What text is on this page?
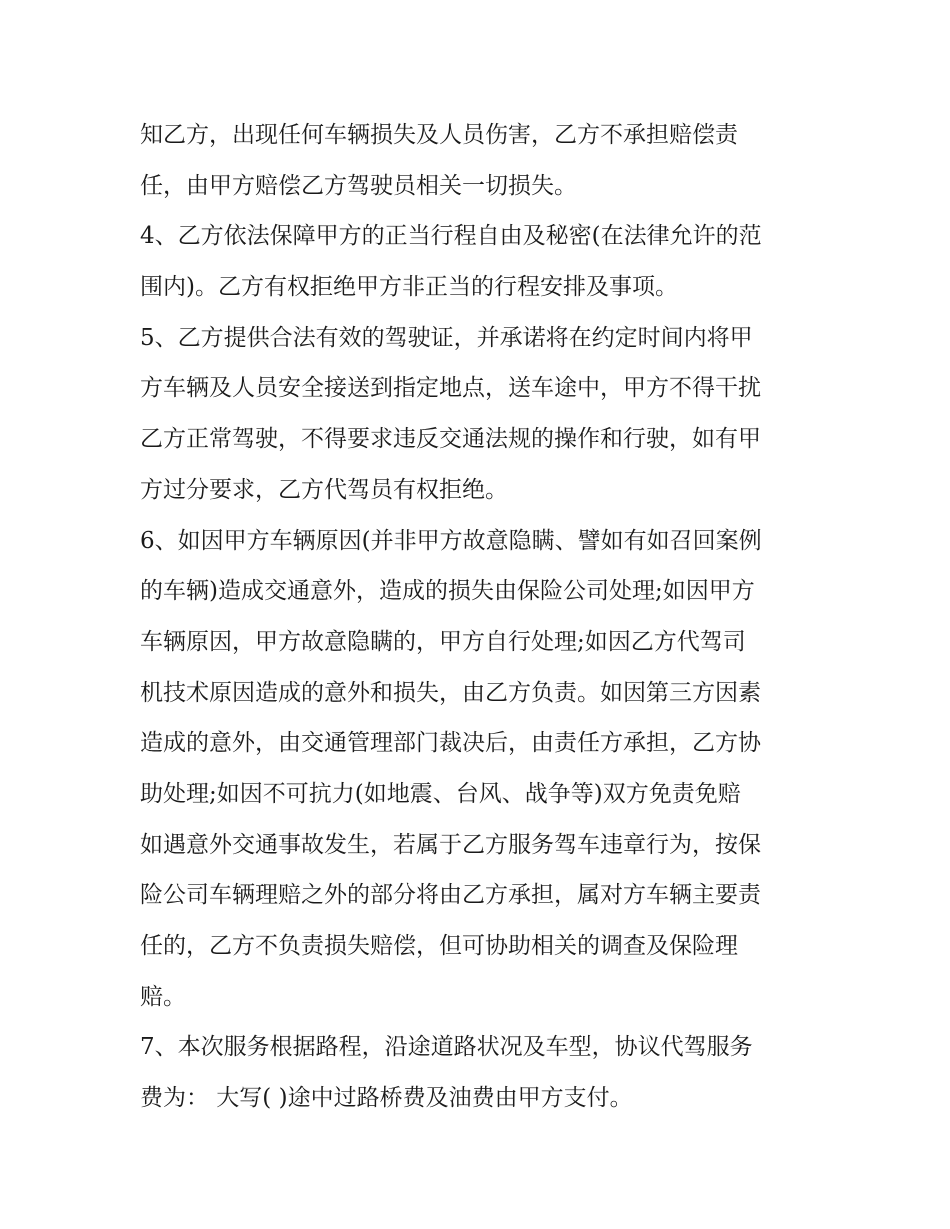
知乙方，出现任何车辆损失及人员伤害，乙方不承担赔偿责
任，由甲方赔偿乙方驾驶员相关一切损失。
4、乙方依法保障甲方的正当行程自由及秘密(在法律允许的范
围内)。乙方有权拒绝甲方非正当的行程安排及事项。
5、乙方提供合法有效的驾驶证，并承诺将在约定时间内将甲
方车辆及人员安全接送到指定地点，送车途中，甲方不得干扰
乙方正常驾驶，不得要求违反交通法规的操作和行驶，如有甲
方过分要求，乙方代驾员有权拒绝。
6、如因甲方车辆原因(并非甲方故意隐瞒、譬如有如召回案例
的车辆)造成交通意外，造成的损失由保险公司处理;如因甲方
车辆原因，甲方故意隐瞒的，甲方自行处理;如因乙方代驾司
机技术原因造成的意外和损失，由乙方负责。如因第三方因素
造成的意外，由交通管理部门裁决后，由责任方承担，乙方协
助处理;如因不可抗力(如地震、台风、战争等)双方免责免赔
如遇意外交通事故发生，若属于乙方服务驾车违章行为，按保
险公司车辆理赔之外的部分将由乙方承担，属对方车辆主要责
任的，乙方不负责损失赔偿，但可协助相关的调查及保险理
赔。
7、本次服务根据路程，沿途道路状况及车型，协议代驾服务
费为： 大写( )途中过路桥费及油费由甲方支付。
